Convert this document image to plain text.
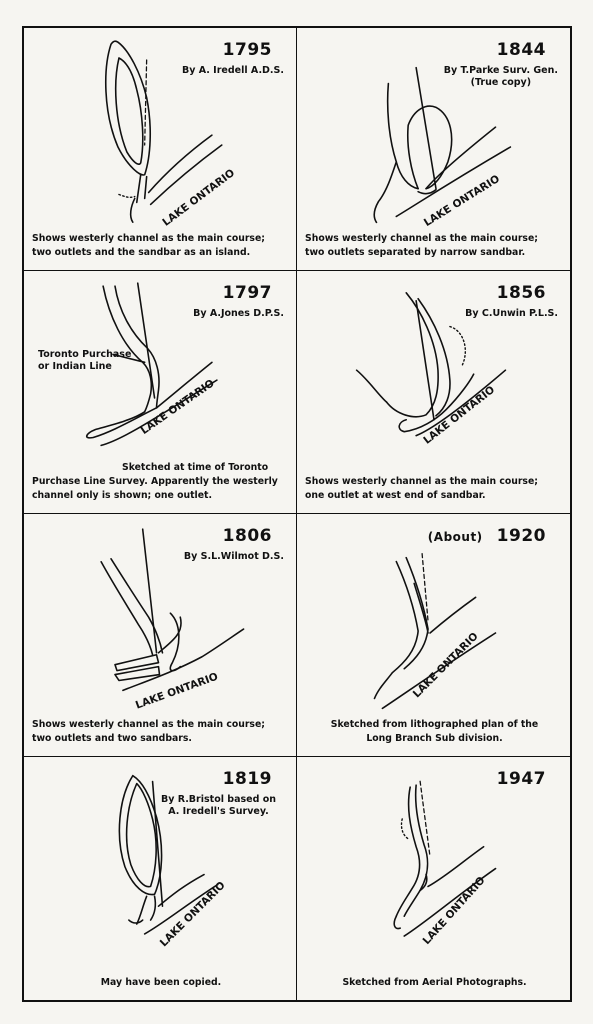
1795
By A. Iredell A.D.S.
LAKE ONTARIO
Shows westerly channel as the main course;
two outlets and the sandbar as an island.
1844
By T.Parke Surv. Gen.
(True copy)
LAKE ONTARIO
Shows westerly channel as the main course;
two outlets separated by narrow sandbar.
1797
By A.Jones D.P.S.
Toronto Purchase
or Indian Line
LAKE ONTARIO
Sketched at time of Toronto
Purchase Line Survey. Apparently the westerly
channel only is shown; one outlet.
1856
By C.Unwin P.L.S.
LAKE ONTARIO
Shows westerly channel as the main course;
one outlet at west end of sandbar.
1806
By S.L.Wilmot D.S.
LAKE ONTARIO
Shows westerly channel as the main course;
two outlets and two sandbars.
(About) 1920
LAKE ONTARIO
Sketched from lithographed plan of the
Long Branch Sub division.
1819
By R.Bristol based on
A. Iredell's Survey.
LAKE ONTARIO
May have been copied.
1947
LAKE ONTARIO
Sketched from Aerial Photographs.
